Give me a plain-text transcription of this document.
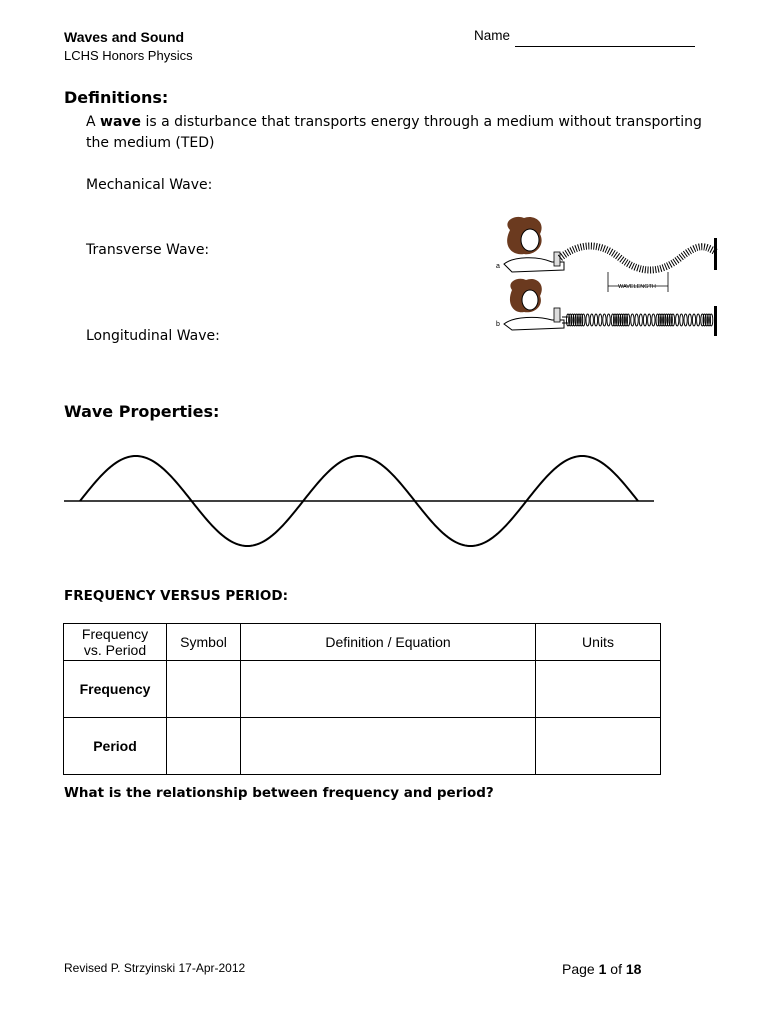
Waves and Sound
LCHS Honors Physics
Name
Definitions:
A wave is a disturbance that transports energy through a medium without transporting the medium (TED)
Mechanical Wave:
Transverse Wave:
Longitudinal Wave:
a
WAVELENGTH
b
Wave Properties:
FREQUENCY VERSUS PERIOD:
Frequency
vs. Period	Symbol	Definition / Equation	Units
Frequency			
Period			
What is the relationship between frequency and period?
Revised P. Strzyinski 17-Apr-2012	Page 1 of 18
